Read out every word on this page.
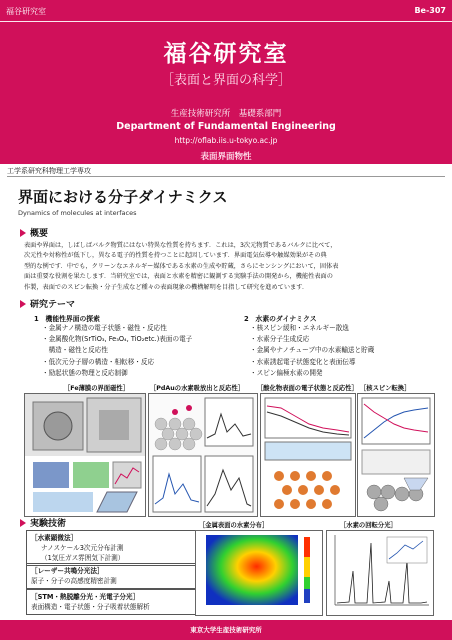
福谷研究室	Be-307
福谷研究室
［表面と界面の科学］
生産技術研究所　基礎系部門
Department of Fundamental Engineering
http://oflab.iis.u-tokyo.ac.jp
表面界面物性
工学系研究科物理工学専攻
界面における分子ダイナミクス
Dynamics of molecules at interfaces
概要

表面や界面は，しばしばバルク物質にはない特異な性質を持ちます．これは，3次元物質であるバルクに比べて，

次元性や対称性が低下し，異なる電子的性質を持つことに起因しています．界面電気伝導や触媒効果がその典

型的な例です．中でも，クリーンなエネルギー媒体である水素の生成や貯蔵，さらにセンシングにおいて，固体表

面は重要な役割を果たします．当研究室では，表面と水素を精密に観測する実験手法の開発から，機能性表面の

作製，表面でのスピン転換・分子生成など種々の表面現象の機構解明を目指して研究を進めています．

研究テーマ
1　機能性界面の探索
・金属ナノ構造の電子状態・磁性・反応性
・金属酸化物(SrTiO₃, Fe₃O₄, TiO₂etc.)表面の電子
　構造・磁性と反応性
・低次元分子層の構造・相転移・反応
・励起状態の物理と反応制御
2　水素のダイナミクス
・核スピン緩和・エネルギー散逸
・水素分子生成反応
・金属やナノチューブ中の水素輸送と貯蔵
・水素誘起電子状態変化と表面伝導
・スピン偏極水素の開発
［Fe薄膜の界面磁性］	［PdAuの水素吸放出と反応性］ ［酸化物表面の電子状態と反応性］ ［核スピン転換］
実験技術
［水素顕微法］
ナノスケール3次元分布計測
（1気圧ガス雰囲気下計測）
［レーザー共鳴分光法］
原子・分子の高感度精密計測
［STM・熱脱離分光・光電子分光］
表面構造・電子状態・分子吸着状態解析
［金属表面の水素分布］	［水素の回転分光］
東京大学生産技術研究所
